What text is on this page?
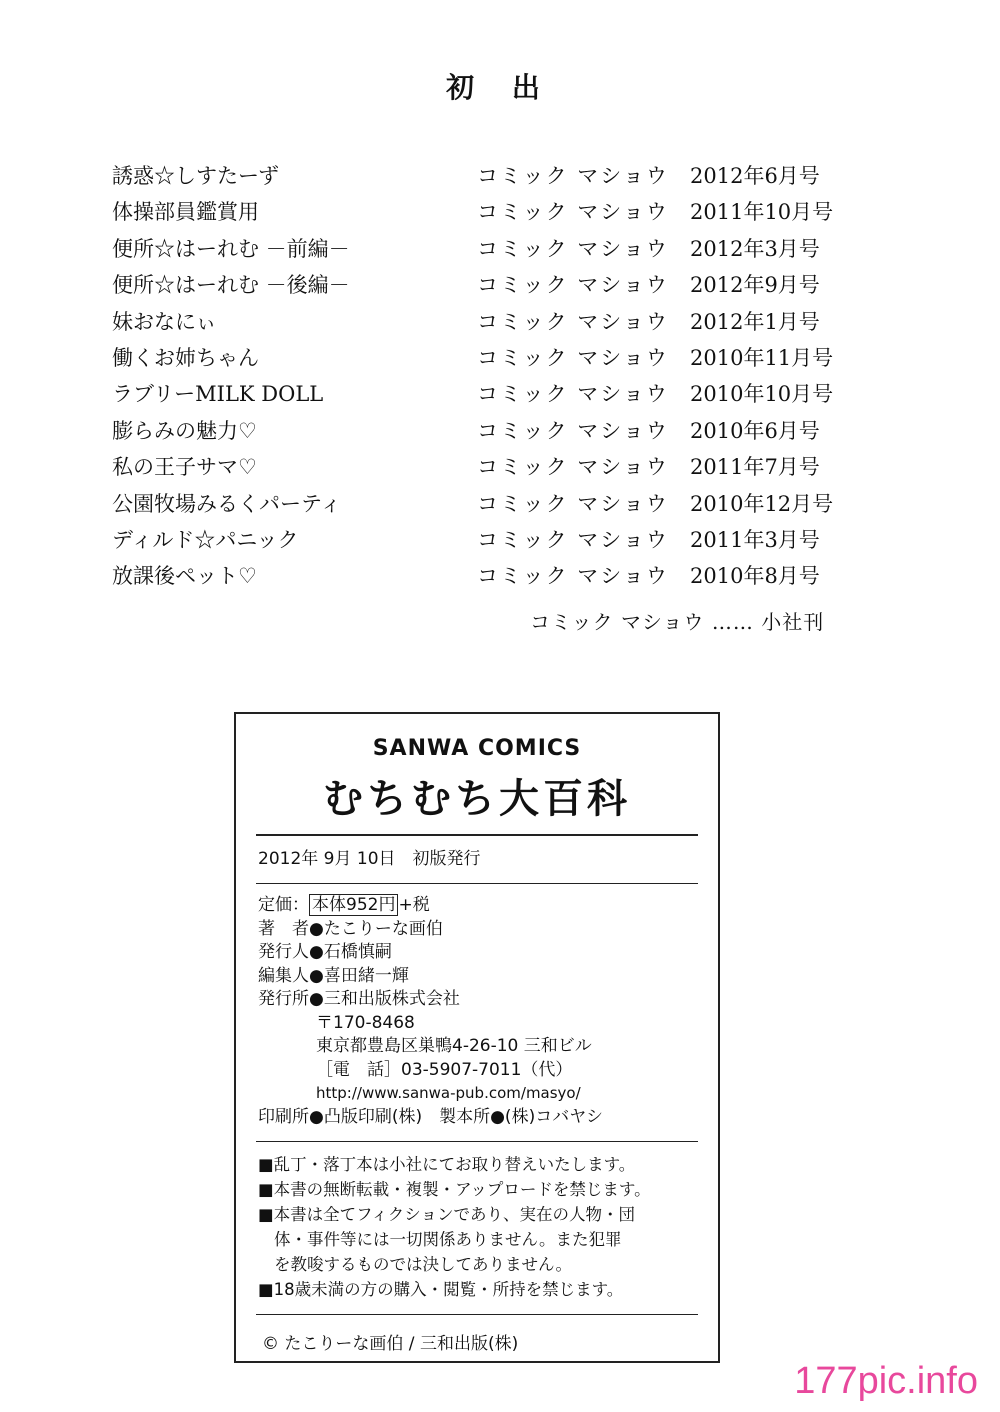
初 出
誘惑☆しすたーず	コミック マショウ 2012年6月号
体操部員鑑賞用	コミック マショウ 2011年10月号
便所☆はーれむ －前編－	コミック マショウ 2012年3月号
便所☆はーれむ －後編－	コミック マショウ 2012年9月号
妹おなにぃ	コミック マショウ 2012年1月号
働くお姉ちゃん	コミック マショウ 2010年11月号
ラブリーMILK DOLL	コミック マショウ 2010年10月号
膨らみの魅力♡	コミック マショウ 2010年6月号
私の王子サマ♡	コミック マショウ 2011年7月号
公園牧場みるくパーティ	コミック マショウ 2010年12月号
ディルド☆パニック	コミック マショウ 2011年3月号
放課後ペット♡	コミック マショウ 2010年8月号
コミック マショウ …… 小社刊
SANWA COMICS
むちむち大百科
2012年 9月 10日　初版発行
定価： 本体952円 +税
著　者●たこりーな画伯
発行人●石橋慎嗣
編集人●喜田緒一輝
発行所●三和出版株式会社
〒170-8468
東京都豊島区巣鴨4-26-10 三和ビル
［電　話］03-5907-7011（代）
http://www.sanwa-pub.com/masyo/
印刷所●凸版印刷(株)　製本所●(株)コバヤシ
■乱丁・落丁本は小社にてお取り替えいたします。
■本書の無断転載・複製・アップロードを禁じます。
■本書は全てフィクションであり、実在の人物・団
体・事件等には一切関係ありません。また犯罪
を教唆するものでは決してありません。
■18歳未満の方の購入・閲覧・所持を禁じます。
© たこりーな画伯 / 三和出版(株)
177pic.info
